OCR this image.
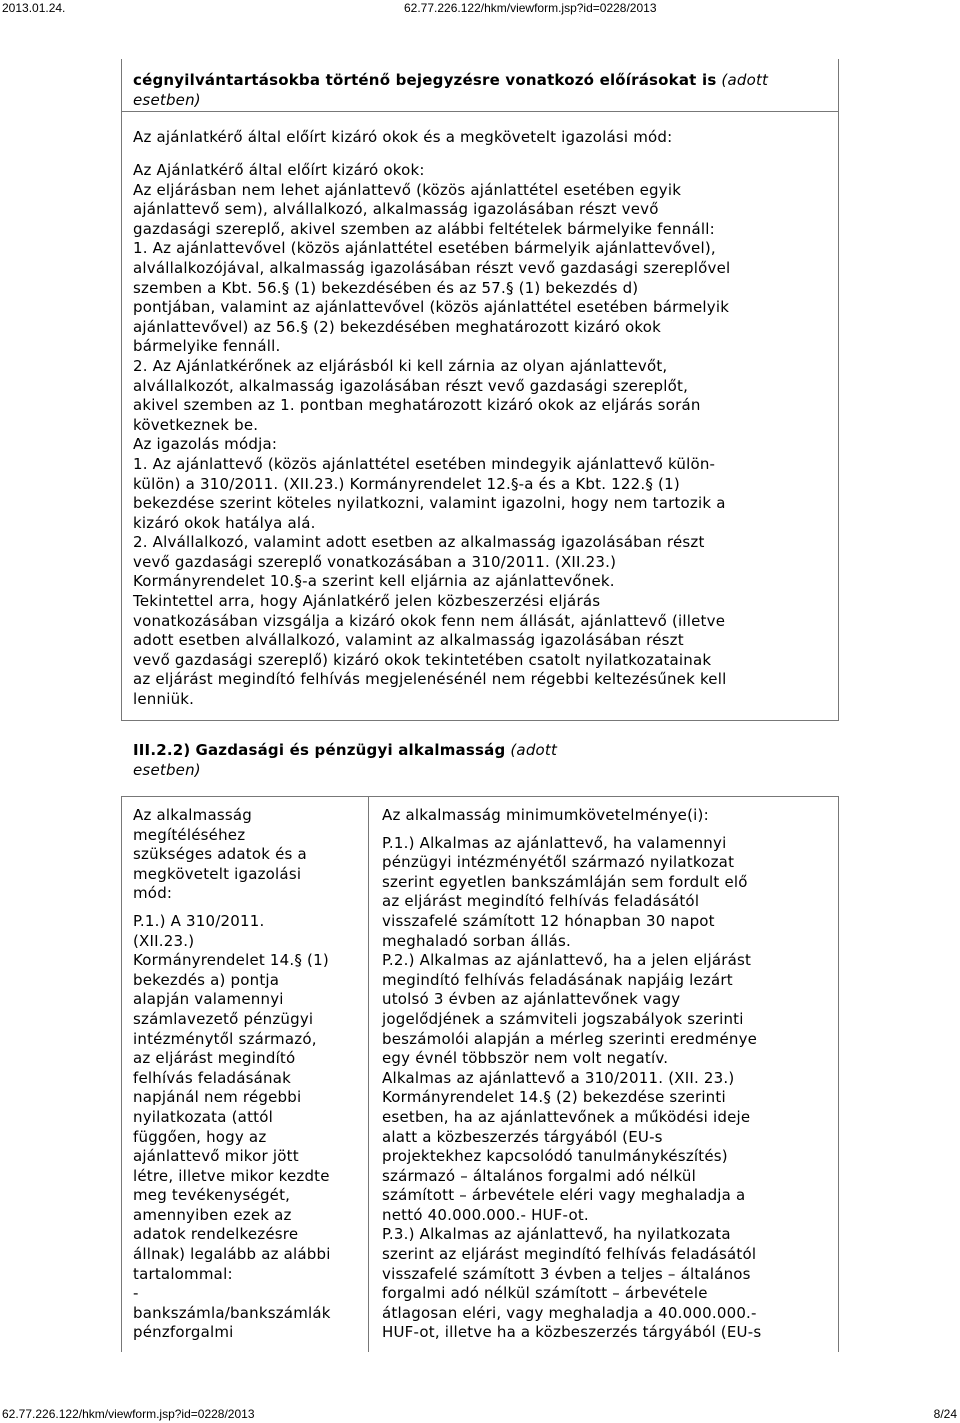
2013.01.24.	62.77.226.122/hkm/viewform.jsp?id=0228/2013
cégnyilvántartásokba történő bejegyzésre vonatkozó előírásokat is (adott esetben)

Az ajánlatkérő által előírt kizáró okok és a megkövetelt igazolási mód:

Az Ajánlatkérő által előírt kizáró okok:
Az eljárásban nem lehet ajánlattevő (közös ajánlattétel esetében egyik
ajánlattevő sem), alvállalkozó, alkalmasság igazolásában részt vevő
gazdasági szereplő, akivel szemben az alábbi feltételek bármelyike fennáll:
1. Az ajánlattevővel (közös ajánlattétel esetében bármelyik ajánlattevővel),
alvállalkozójával, alkalmasság igazolásában részt vevő gazdasági szereplővel
szemben a Kbt. 56.§ (1) bekezdésében és az 57.§ (1) bekezdés d)
pontjában, valamint az ajánlattevővel (közös ajánlattétel esetében bármelyik
ajánlattevővel) az 56.§ (2) bekezdésében meghatározott kizáró okok
bármelyike fennáll.
2. Az Ajánlatkérőnek az eljárásból ki kell zárnia az olyan ajánlattevőt,
alvállalkozót, alkalmasság igazolásában részt vevő gazdasági szereplőt,
akivel szemben az 1. pontban meghatározott kizáró okok az eljárás során
következnek be.
Az igazolás módja:
1. Az ajánlattevő (közös ajánlattétel esetében mindegyik ajánlattevő külön-
külön) a 310/2011. (XII.23.) Kormányrendelet 12.§-a és a Kbt. 122.§ (1)
bekezdése szerint köteles nyilatkozni, valamint igazolni, hogy nem tartozik a
kizáró okok hatálya alá.
2. Alvállalkozó, valamint adott esetben az alkalmasság igazolásában részt
vevő gazdasági szereplő vonatkozásában a 310/2011. (XII.23.)
Kormányrendelet 10.§-a szerint kell eljárnia az ajánlattevőnek.
Tekintettel arra, hogy Ajánlatkérő jelen közbeszerzési eljárás
vonatkozásában vizsgálja a kizáró okok fenn nem állását, ajánlattevő (illetve
adott esetben alvállalkozó, valamint az alkalmasság igazolásában részt
vevő gazdasági szereplő) kizáró okok tekintetében csatolt nyilatkozatainak
az eljárást megindító felhívás megjelenésénél nem régebbi keltezésűnek kell
lenniük.
III.2.2) Gazdasági és pénzügyi alkalmasság (adott
esetben)
Az alkalmasság
megítéléséhez
szükséges adatok és a
megkövetelt igazolási
mód:
P.1.) A 310/2011.
(XII.23.)
Kormányrendelet 14.§ (1)
bekezdés a) pontja
alapján valamennyi
számlavezető pénzügyi
intézménytől származó,
az eljárást megindító
felhívás feladásának
napjánál nem régebbi
nyilatkozata (attól
függően, hogy az
ajánlattevő mikor jött
létre, illetve mikor kezdte
meg tevékenységét,
amennyiben ezek az
adatok rendelkezésre
állnak) legalább az alábbi
tartalommal:
-
bankszámla/bankszámlák
pénzforgalmi

Az alkalmasság minimumkövetelménye(i):

P.1.) Alkalmas az ajánlattevő, ha valamennyi
pénzügyi intézményétől származó nyilatkozat
szerint egyetlen bankszámláján sem fordult elő
az eljárást megindító felhívás feladásától
visszafelé számított 12 hónapban 30 napot
meghaladó sorban állás.
P.2.) Alkalmas az ajánlattevő, ha a jelen eljárást
megindító felhívás feladásának napjáig lezárt
utolsó 3 évben az ajánlattevőnek vagy
jogelődjének a számviteli jogszabályok szerinti
beszámolói alapján a mérleg szerinti eredménye
egy évnél többször nem volt negatív.
Alkalmas az ajánlattevő a 310/2011. (XII. 23.)
Kormányrendelet 14.§ (2) bekezdése szerinti
esetben, ha az ajánlattevőnek a működési ideje
alatt a közbeszerzés tárgyából (EU-s
projektekhez kapcsolódó tanulmánykészítés)
származó – általános forgalmi adó nélkül
számított – árbevétele eléri vagy meghaladja a
nettó 40.000.000.- HUF-ot.
P.3.) Alkalmas az ajánlattevő, ha nyilatkozata
szerint az eljárást megindító felhívás feladásától
visszafelé számított 3 évben a teljes – általános
forgalmi adó nélkül számított – árbevétele
átlagosan eléri, vagy meghaladja a 40.000.000.-
HUF-ot, illetve ha a közbeszerzés tárgyából (EU-s
62.77.226.122/hkm/viewform.jsp?id=0228/2013	8/24
